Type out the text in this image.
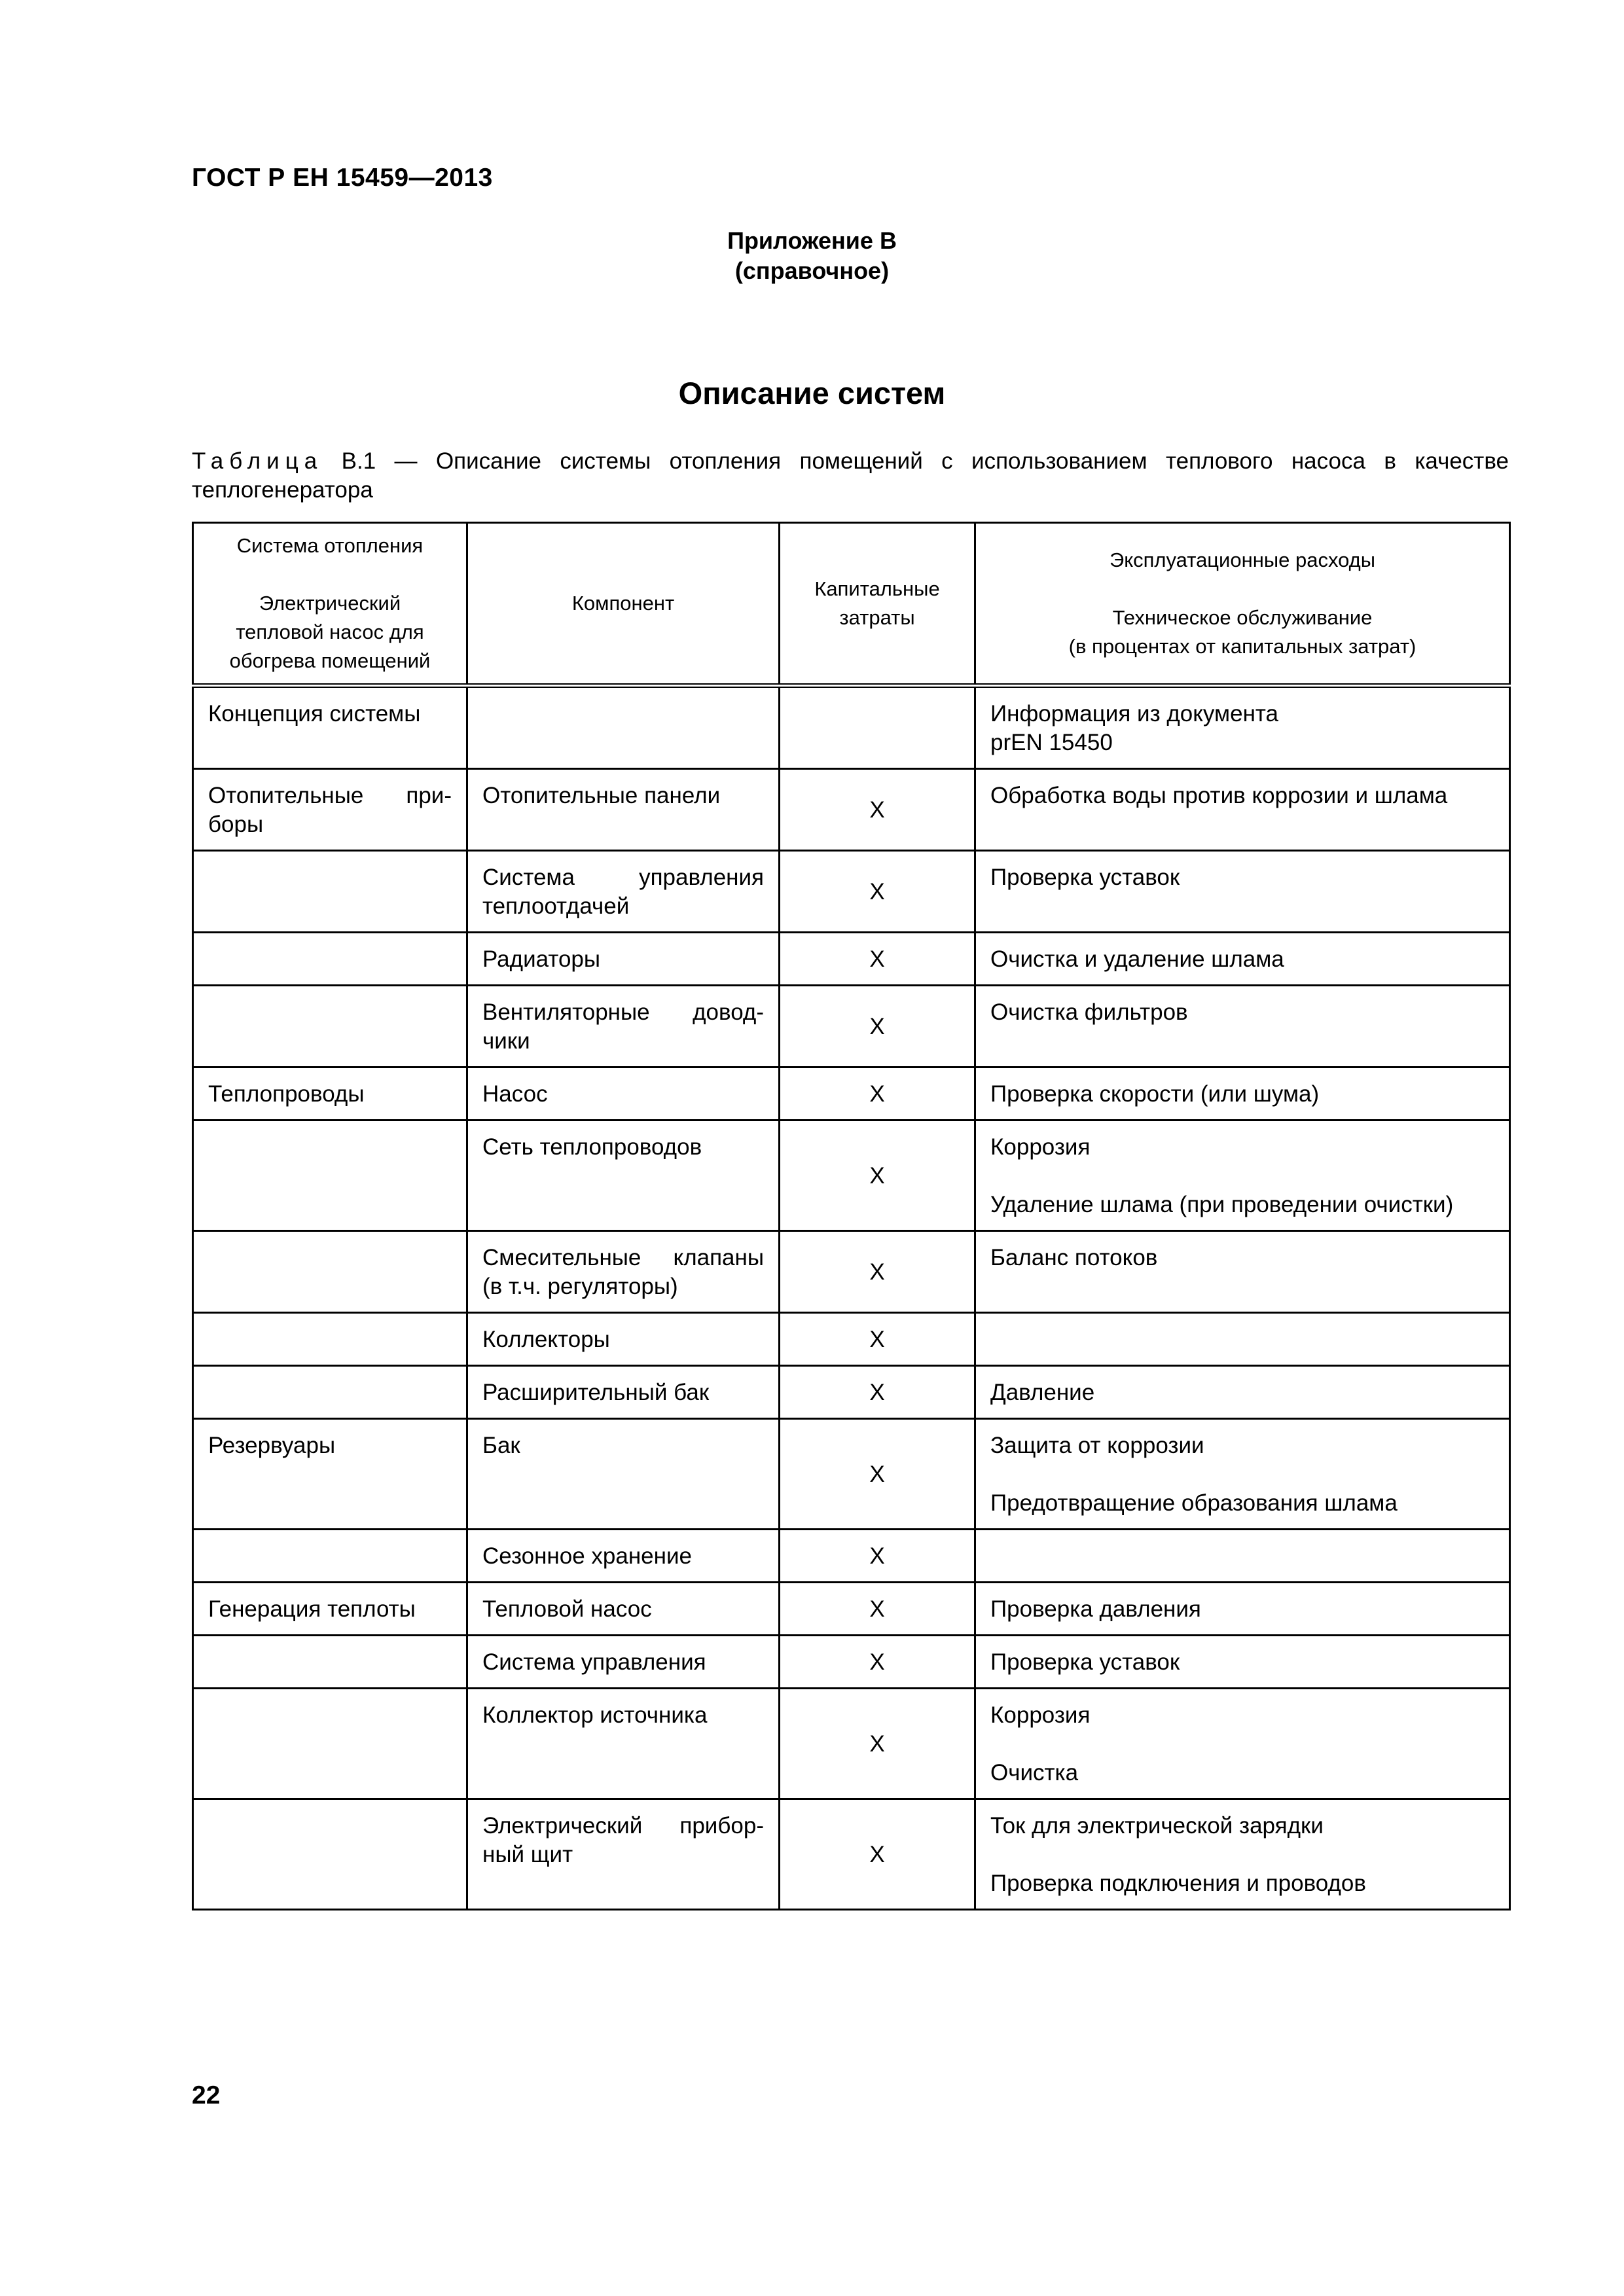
ГОСТ Р ЕН 15459—2013
Приложение В
(справочное)
Описание систем
Таблица В.1 — Описание системы отопления помещений с использованием теплового насоса в качестве теплогенератора
Система отопления
Электрический
тепловой насос для
обогрева помещений	Компонент	Капитальные
затраты	Эксплуатационные расходы
Техническое обслуживание
(в процентах от капитальных затрат)

Концепция системы			Информация из документа
prEN 15450

Отопительные при-боры	Отопительные панели	X	Обработка воды против коррозии и шлама

	Система управления теплоотдачей	X	Проверка уставок

	Радиаторы	X	Очистка и удаление шлама

	Вентиляторные довод-чики	X	Очистка фильтров

Теплопроводы	Насос	X	Проверка скорости (или шума)

	Сеть теплопроводов	X	Коррозия
Удаление шлама (при проведении очистки)

	Смесительные клапаны (в т.ч. регуляторы)	X	Баланс потоков

	Коллекторы	X	

	Расширительный бак	X	Давление

Резервуары	Бак	X	Защита от коррозии
Предотвращение образования шлама

	Сезонное хранение	X	

Генерация теплоты	Тепловой насос	X	Проверка давления

	Система управления	X	Проверка уставок

	Коллектор источника	X	Коррозия
Очистка

	Электрический прибор-ный щит	X	Ток для электрической зарядки
Проверка подключения и проводов
22
